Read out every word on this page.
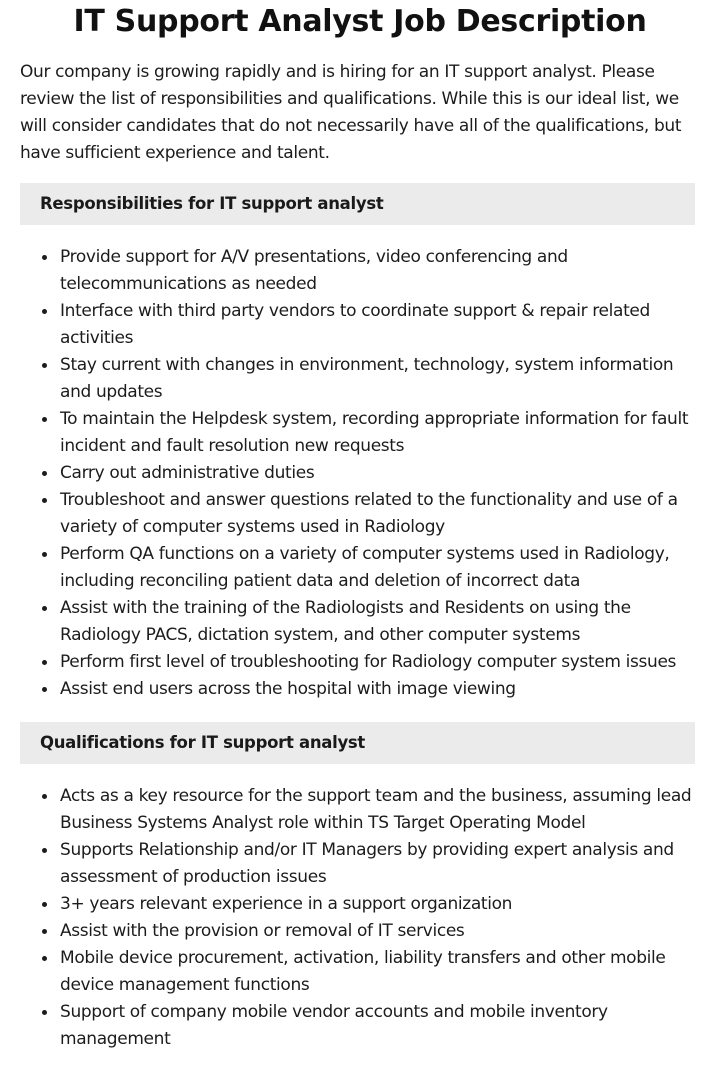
IT Support Analyst Job Description

Our company is growing rapidly and is hiring for an IT support analyst. Please review the list of responsibilities and qualifications. While this is our ideal list, we will consider candidates that do not necessarily have all of the qualifications, but have sufficient experience and talent.

Responsibilities for IT support analyst
Provide support for A/V presentations, video conferencing and telecommunications as needed
Interface with third party vendors to coordinate support & repair related activities
Stay current with changes in environment, technology, system information and updates
To maintain the Helpdesk system, recording appropriate information for fault incident and fault resolution new requests
Carry out administrative duties
Troubleshoot and answer questions related to the functionality and use of a variety of computer systems used in Radiology
Perform QA functions on a variety of computer systems used in Radiology, including reconciling patient data and deletion of incorrect data
Assist with the training of the Radiologists and Residents on using the Radiology PACS, dictation system, and other computer systems
Perform first level of troubleshooting for Radiology computer system issues
Assist end users across the hospital with image viewing
Qualifications for IT support analyst
Acts as a key resource for the support team and the business, assuming lead Business Systems Analyst role within TS Target Operating Model
Supports Relationship and/or IT Managers by providing expert analysis and assessment of production issues
3+ years relevant experience in a support organization
Assist with the provision or removal of IT services
Mobile device procurement, activation, liability transfers and other mobile device management functions
Support of company mobile vendor accounts and mobile inventory management
